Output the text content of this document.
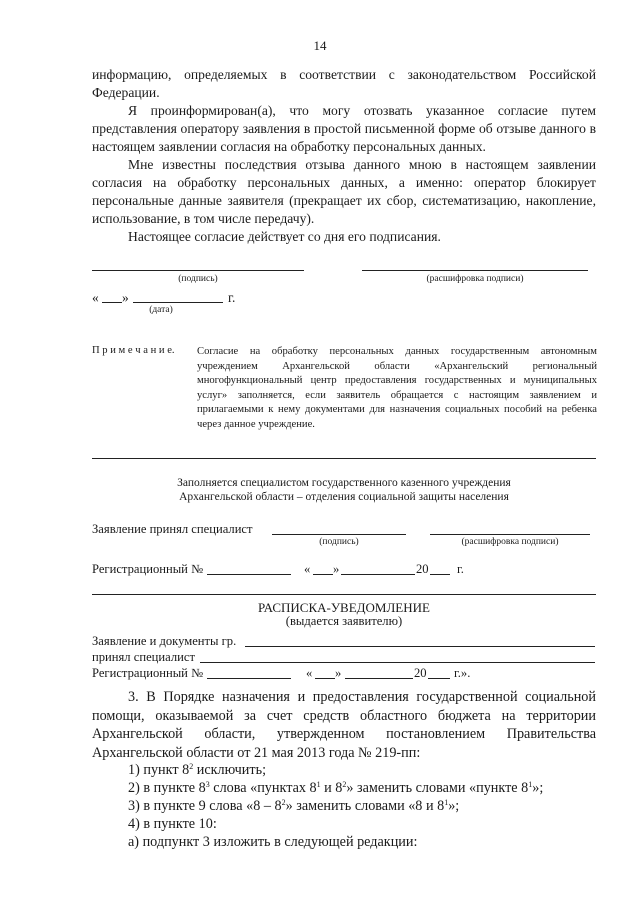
14
информацию, определяемых в соответствии с законодательством Российской Федерации.
Я проинформирован(а), что могу отозвать указанное согласие путем представления оператору заявления в простой письменной форме об отзыве данного в настоящем заявлении согласия на обработку персональных данных.
Мне известны последствия отзыва данного мною в настоящем заявлении согласия на обработку персональных данных, а именно: оператор блокирует персональные данные заявителя (прекращает их сбор, систематизацию, накопление, использование, в том числе передачу).
Настоящее согласие действует со дня его подписания.
(подпись)	(расшифровка подписи)
« »	г.
(дата)
П р и м е ч а н и е. Согласие на обработку персональных данных государственным автономным учреждением Архангельской области «Архангельский региональный многофункциональный центр предоставления государственных и муниципальных услуг» заполняется, если заявитель обращается с настоящим заявлением и прилагаемыми к нему документами для назначения социальных пособий на ребенка через данное учреждение.
Заполняется специалистом государственного казенного учреждения
Архангельской области – отделения социальной защиты населения
Заявление принял специалист
(подпись)	(расшифровка подписи)
Регистрационный №	« »	20 г.
РАСПИСКА-УВЕДОМЛЕНИЕ
(выдается заявителю)
Заявление и документы гр.
принял специалист
Регистрационный №	« »	20 г.».
3. В Порядке назначения и предоставления государственной социальной помощи, оказываемой за счет средств областного бюджета на территории Архангельской области, утвержденном постановлением Правительства Архангельской области от 21 мая 2013 года № 219-пп:
1) пункт $8^2$ исключить;
2) в пункте $8^3$ слова «пунктах $8^1$ и $8^2$» заменить словами «пункте $8^1$»;
3) в пункте 9 слова «$8 - 8^2$» заменить словами «8 и $8^1$»;
4) в пункте 10:
а) подпункт 3 изложить в следующей редакции:
